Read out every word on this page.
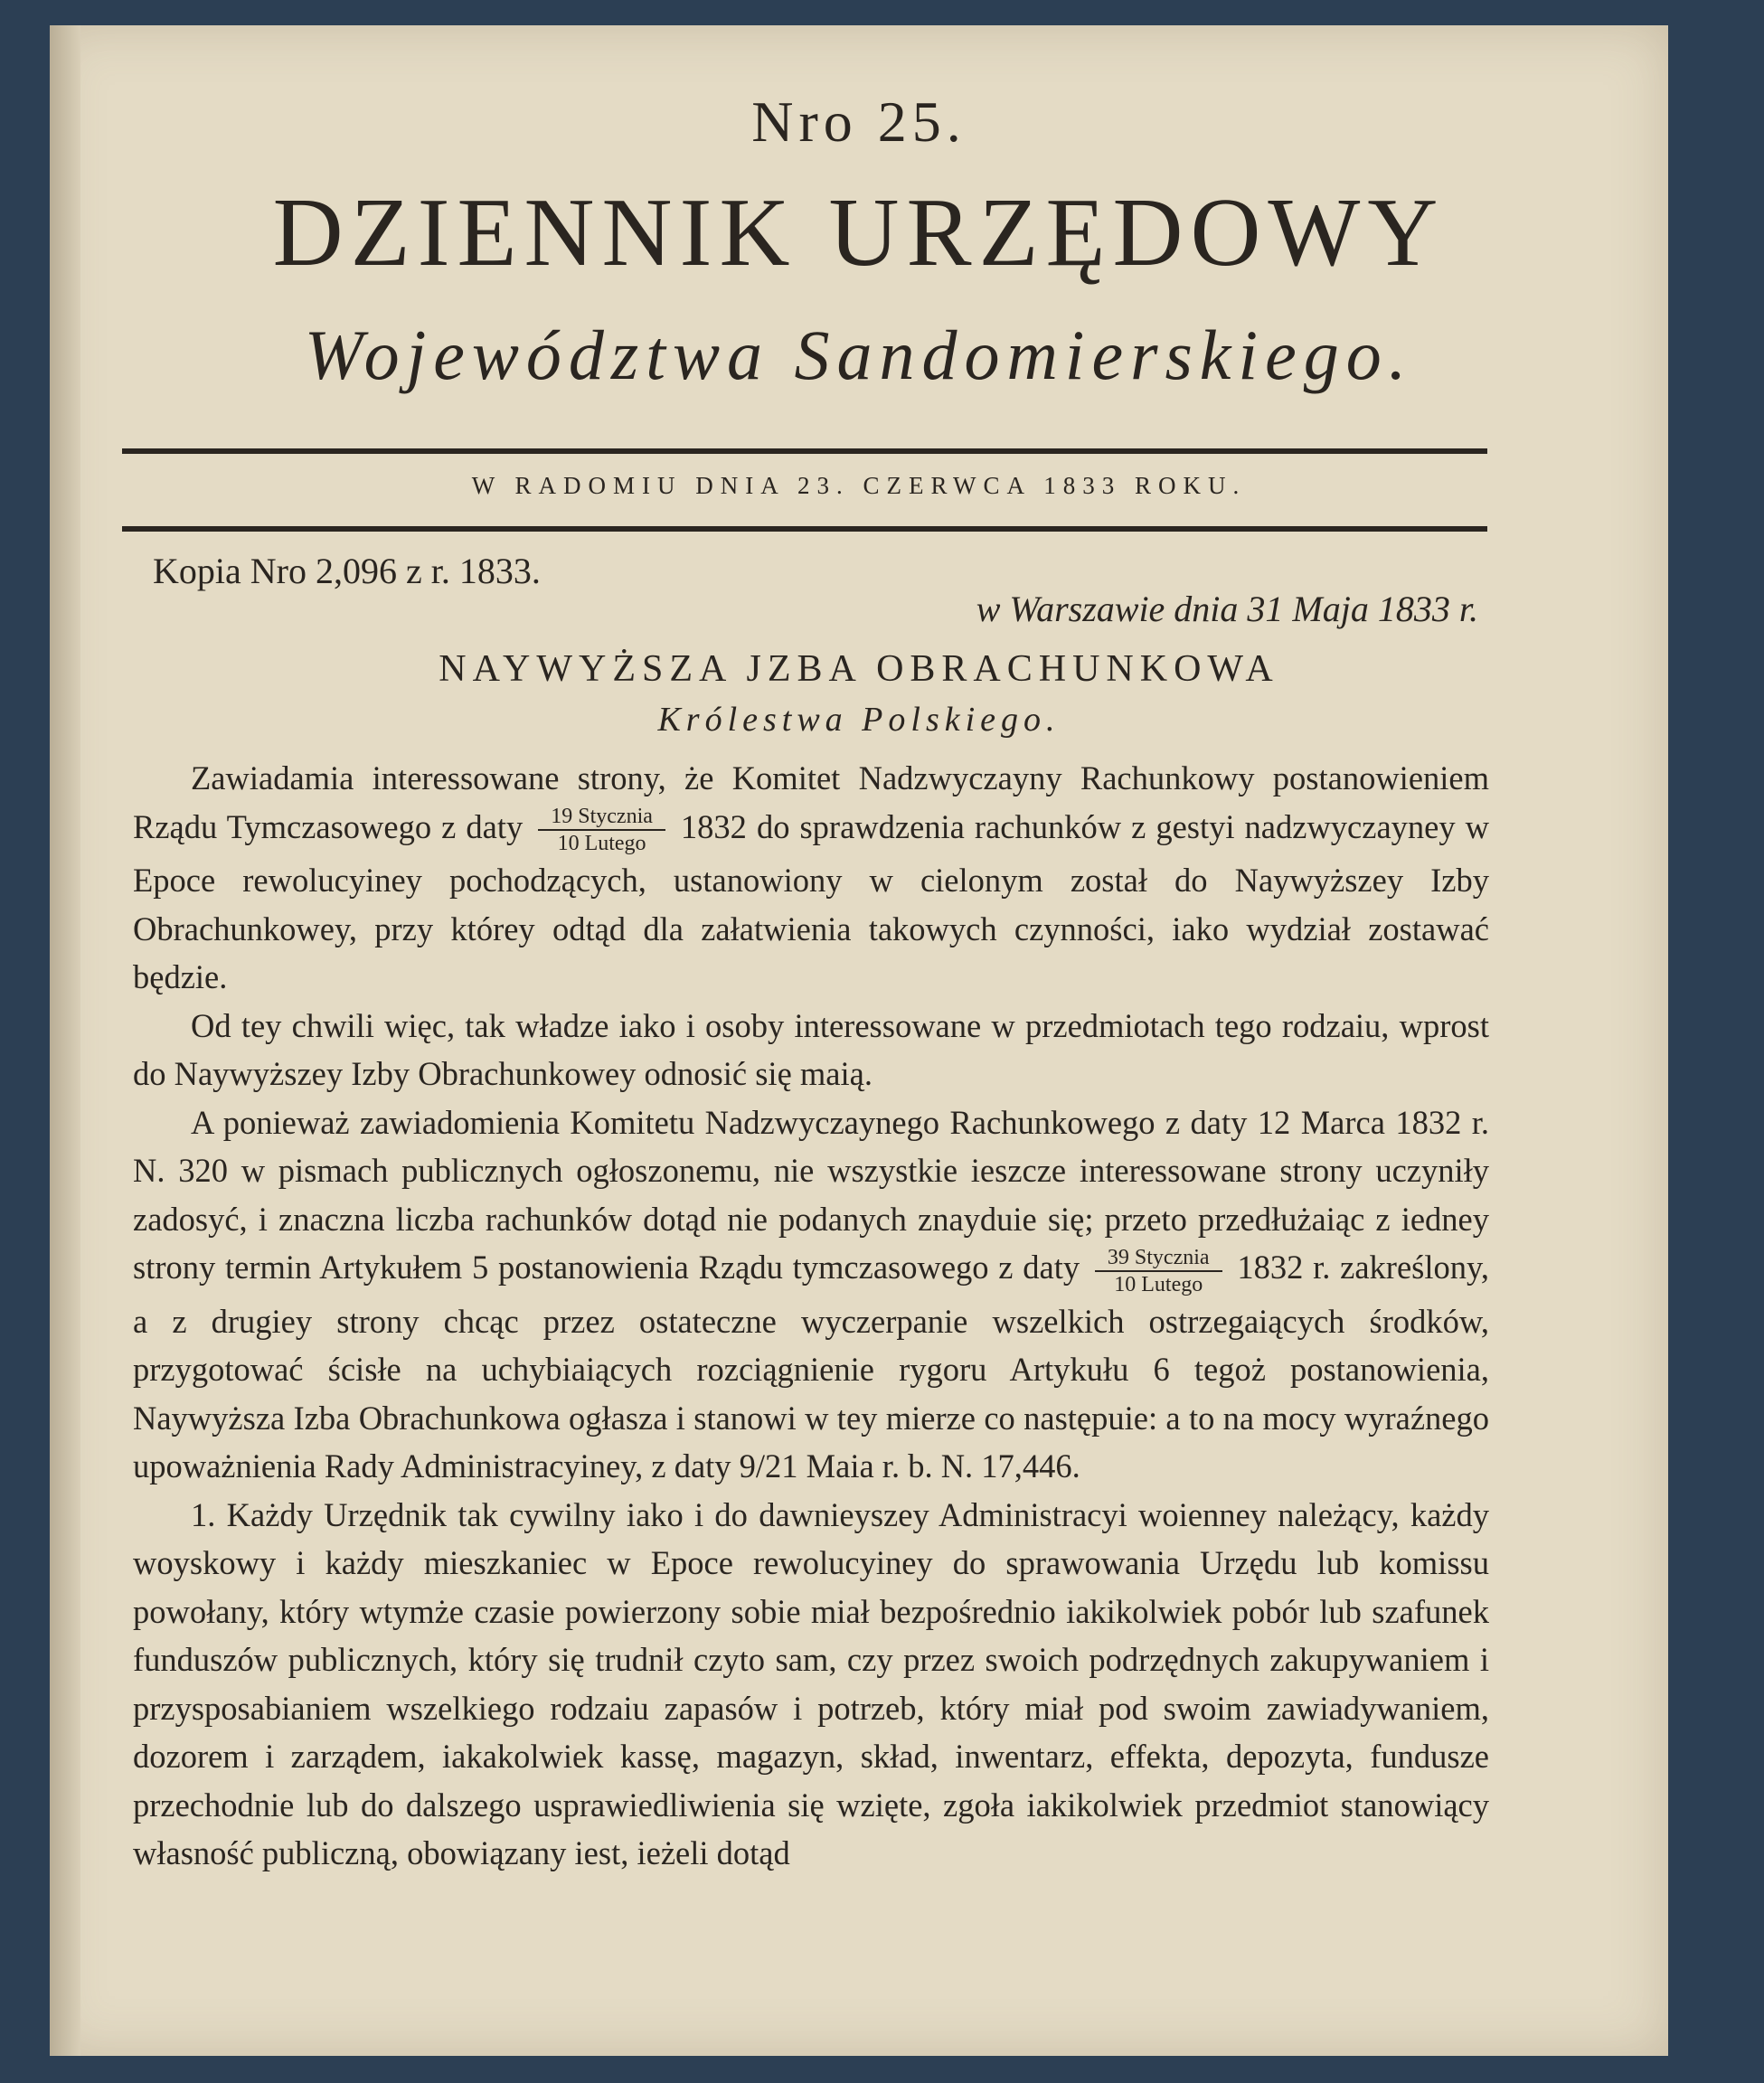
Nro 25.
DZIENNIK URZĘDOWY
Województwa Sandomierskiego.
W RADOMIU DNIA 23. CZERWCA 1833 ROKU.
Kopia Nro 2,096 z r. 1833.
w Warszawie dnia 31 Maja 1833 r.
NAYWYŻSZA JZBA OBRACHUNKOWA
Królestwa Polskiego.

Zawiadamia interessowane strony, że Komitet Nadzwyczayny Rachunkowy postanowieniem Rządu Tymczasowego z daty $\frac{\text{19 Stycznia}}{\text{10 Lutego}} 1832$ do sprawdzenia rachunków z gestyi nadzwyczayney w Epoce rewolucyiney pochodzących, ustanowiony w cielonym został do Naywyższey Izby Obrachunkowey, przy którey odtąd dla załatwienia takowych czynności, iako wydział zostawać będzie.

Od tey chwili więc, tak władze iako i osoby interessowane w przedmiotach tego rodzaiu, wprost do Naywyższey Izby Obrachunkowey odnosić się maią.

A ponieważ zawiadomienia Komitetu Nadzwyczaynego Rachunkowego z daty 12 Marca 1832 r. N. 320 w pismach publicznych ogłoszonemu, nie wszystkie ieszcze interessowane strony uczyniły zadosyć, i znaczna liczba rachunków dotąd nie podanych znayduie się; przeto przedłużaiąc z iedney strony termin Artykułem 5 postanowienia Rządu tymczasowego z daty $\frac{\text{39 Stycznia}}{\text{10 Lutego}} 1832$ r. zakreślony, a z drugiey strony chcąc przez ostateczne wyczerpanie wszelkich ostrzegaiących środków, przygotować ścisłe na uchybiaiących rozciągnienie rygoru Artykułu 6 tegoż postanowienia, Naywyższa Izba Obrachunkowa ogłasza i stanowi w tey mierze co następuie: a to na mocy wyraźnego upoważnienia Rady Administracyiney, z daty 9/21 Maia r. b. N. 17,446.

1. Każdy Urzędnik tak cywilny iako i do dawnieyszey Administracyi woienney należący, każdy woyskowy i każdy mieszkaniec w Epoce rewolucyiney do sprawowania Urzędu lub komissu powołany, który wtymże czasie powierzony sobie miał bezpośrednio iakikolwiek pobór lub szafunek funduszów publicznych, który się trudnił czyto sam, czy przez swoich podrzędnych zakupywaniem i przysposabianiem wszelkiego rodzaiu zapasów i potrzeb, który miał pod swoim zawiadywaniem, dozorem i zarządem, iakakolwiek kassę, magazyn, skład, inwentarz, effekta, depozyta, fundusze przechodnie lub do dalszego usprawiedliwienia się wzięte, zgoła iakikolwiek przedmiot stanowiący własność publiczną, obowiązany iest, ieżeli dotąd
